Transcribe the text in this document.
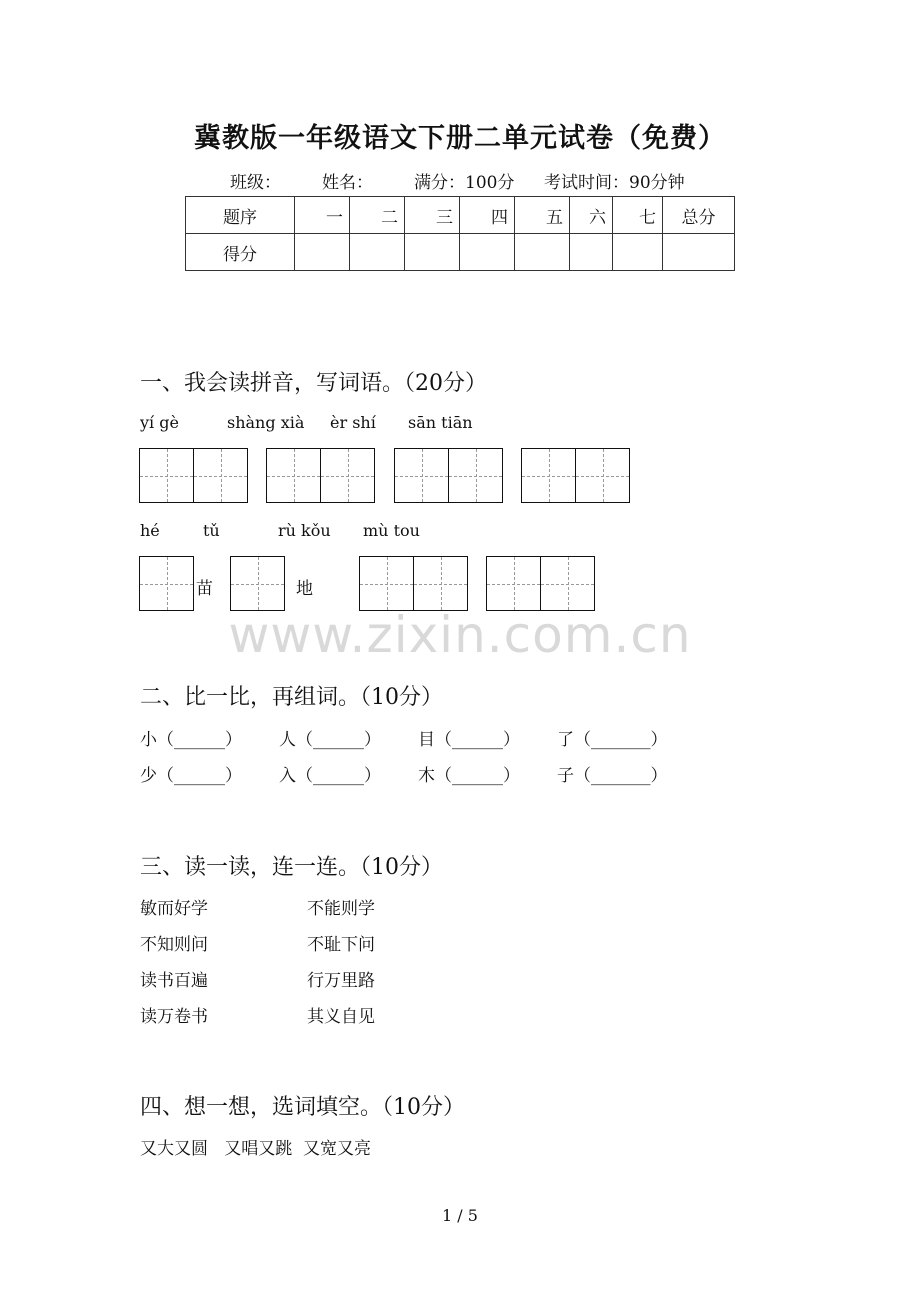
冀教版一年级语文下册二单元试卷（免费）
班级： 姓名： 满分：100分 考试时间：90分钟
题序	一	二	三	四	五	六	七	总分
得分								
一、我会读拼音，写词语。（20分）
yí gè	shàng xià èr shí sān tiān
hé	tǔ	rù kǒu mù tou
苗	地
www.zixin.com.cn
二、比一比，再组词。（10分）
小（______） 人（______） 目（______） 了（_______）
少（______） 入（______） 木（______） 子（_______）
三、读一读，连一连。（10分）
敏而好学	不能则学
不知则问	不耻下问
读书百遍	行万里路
读万卷书	其义自见
四、想一想，选词填空。（10分）
又大又圆   又唱又跳  又宽又亮
1 / 5
